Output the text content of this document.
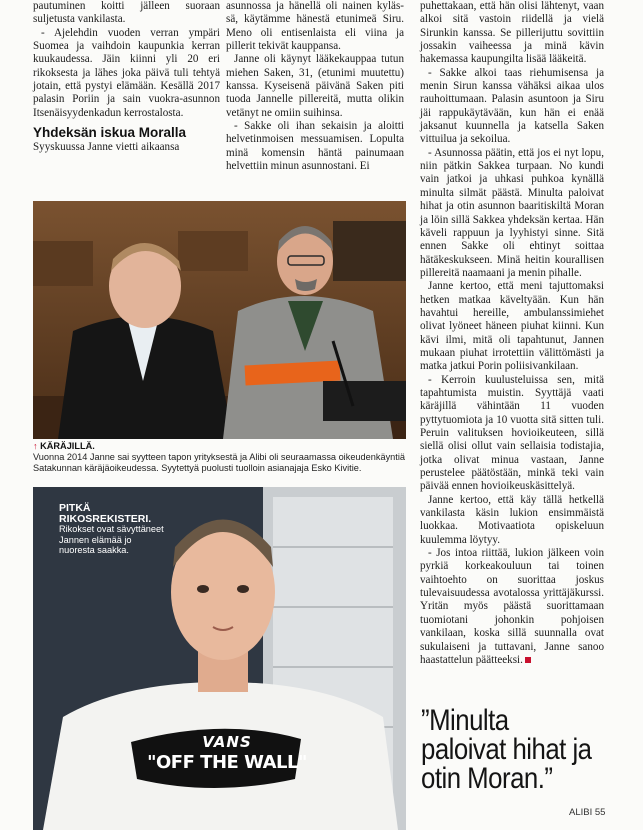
pautuminen koitti jälleen suoraan suljetusta vankilasta.

- Ajelehdin vuoden verran ympäri Suomea ja vaihdoin kaupunkia kerran kuukaudessa. Jäin kiinni yli 20 eri rikoksesta ja lähes joka päivä tuli tehtyä jotain, että pystyi elämään. Kesällä 2017 palasin Poriin ja sain vuokra-asunnon Itsenäisyydenkadun kerrostalosta.

Yhdeksän iskua Moralla

Syyskuussa Janne vietti aikaansa

asunnossa ja hänellä oli nainen kyläs-sä, käytämme hänestä etunimeä Siru. Meno oli entisenlaista eli viina ja pillerit tekivät kauppansa.

Janne oli käynyt lääkekauppaa tutun miehen Saken, 31, (etunimi muutettu) kanssa. Kyseisenä päivänä Saken piti tuoda Jannelle pillereitä, mutta olikin vetänyt ne omiin suihinsa.

- Sakke oli ihan sekaisin ja aloitti helvetinmoisen messuamisen. Lopulta minä komensin häntä painumaan helvettiin minun asunnostani. Ei

puhettakaan, että hän olisi lähtenyt, vaan alkoi sitä vastoin riidellä ja vielä Sirunkin kanssa. Se pillerijuttu sovittiin jossakin vaiheessa ja minä kävin hakemassa kaupungilta lisää lääkeitä.

- Sakke alkoi taas riehumisensa ja menin Sirun kanssa vähäksi aikaa ulos rauhoittumaan. Palasin asuntoon ja Siru jäi rappukäytävään, kun hän ei enää jaksanut kuunnella ja katsella Saken vittuilua ja sekoilua.

- Asunnossa päätin, että jos ei nyt lopu, niin pätkin Sakkea turpaan. No kundi vain jatkoi ja uhkasi puhkoa kynällä minulta silmät päästä. Minulta paloivat hihat ja otin asunnon baaritiskiltä Moran ja löin sillä Sakkea yhdeksän kertaa. Hän käveli rappuun ja lyyhistyi sinne. Sitä ennen Sakke oli ehtinyt soittaa hätäkeskukseen. Minä heitin kourallisen pillereitä naamaani ja menin pihalle.

Janne kertoo, että meni tajuttomaksi hetken matkaa käveltyään. Kun hän havahtui hereille, ambulanssimiehet olivat lyöneet häneen piuhat kiinni. Kun kävi ilmi, mitä oli tapahtunut, Jannen mukaan piuhat irrotettiin välittömästi ja matka jatkui Porin poliisivankilaan.

- Kerroin kuulusteluissa sen, mitä tapahtumista muistin. Syyttäjä vaati käräjillä vähintään 11 vuoden pyttytuomiota ja 10 vuotta sitä sitten tuli. Peruin valituksen hovioikeuteen, sillä siellä olisi ollut vain sellaisia todistajia, jotka olivat minua vastaan, Janne perustelee päätöstään, minkä teki vain päivää ennen hovioikeuskäsittelyä.

Janne kertoo, että käy tällä hetkellä vankilasta käsin lukion ensimmäistä luokkaa. Motivaatiota opiskeluun kuulemma löytyy.

- Jos intoa riittää, lukion jälkeen voin pyrkiä korkeakouluun tai toinen vaihtoehto on suorittaa joskus tulevaisuudessa avotalossa yrittäjäkurssi. Yritän myös päästä suorittamaan tuomiotani johonkin pohjoisen vankilaan, koska sillä suunnalla ovat sukulaiseni ja tuttavani, Janne sanoo haastattelun päätteeksi.

↑ KÄRÄJILLÄ.
Vuonna 2014 Janne sai syytteen tapon yrityksestä ja Alibi oli seuraamassa oikeudenkäyntiä Satakunnan käräjäoikeudessa. Syytettyä puolusti tuolloin asianajaja Esko Kivitie.
VANS
"OFF THE WALL"
PITKÄ RIKOSREKISTERI.
Rikokset ovat sävyttäneet Jannen elämää jo nuoresta saakka.
”Minulta paloivat hihat ja otin Moran.”
ALIBI 55
